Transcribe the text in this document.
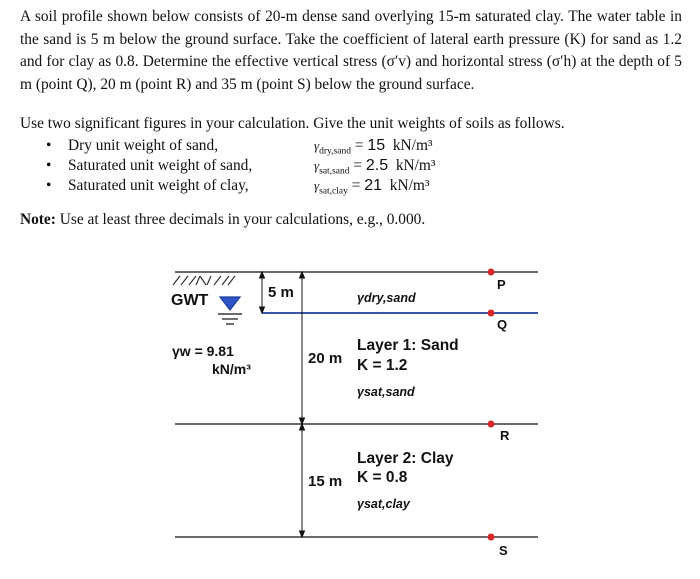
A soil profile shown below consists of 20-m dense sand overlying 15-m saturated clay. The water table in the sand is 5 m below the ground surface. Take the coefficient of lateral earth pressure (K) for sand as 1.2 and for clay as 0.8. Determine the effective vertical stress (σ′v) and horizontal stress (σ′h) at the depth of 5 m (point Q), 20 m (point R) and 35 m (point S) below the ground surface.

Use two significant figures in your calculation. Give the unit weights of soils as follows.
• Dry unit weight of sand,	$\gamma_{dry,sand} = 15$ kN/m³
• Saturated unit weight of sand,	$\gamma_{sat,sand} = 2.5$ kN/m³
• Saturated unit weight of clay,	$\gamma_{sat,clay} = 21$ kN/m³
Note: Use at least three decimals in your calculations, e.g., 0.000.
GWT	5 m
20 m
15 m
γw = 9.81
kN/m³
γdry,sand
Layer 1: Sand
K = 1.2
γsat,sand
Layer 2: Clay
K = 0.8
γsat,clay
P
Q
R
S
